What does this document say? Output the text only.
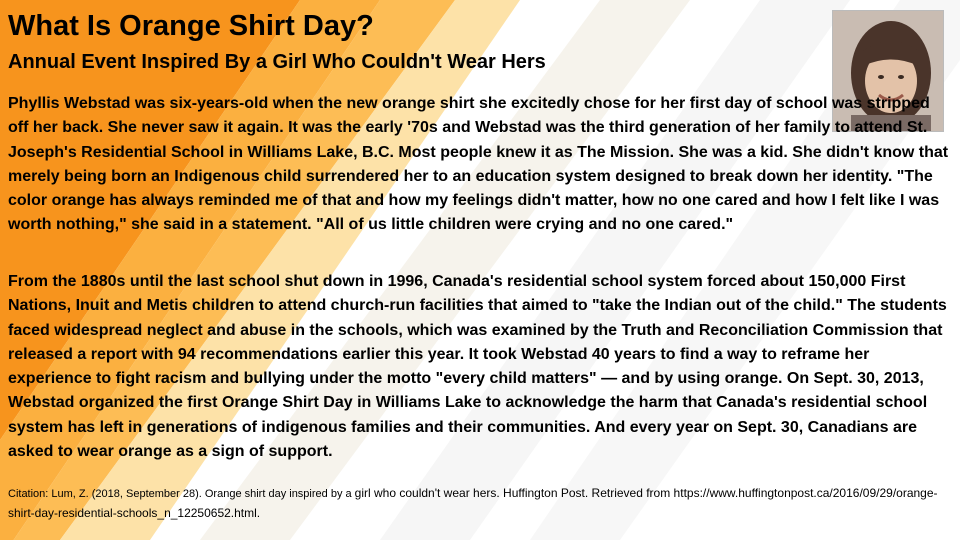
What Is Orange Shirt Day?
Annual Event Inspired By a Girl Who Couldn't Wear Hers

Phyllis Webstad was six-years-old when the new orange shirt she excitedly chose for her first day of school was stripped off her back. She never saw it again. It was the early '70s and Webstad was the third generation of her family to attend St. Joseph's Residential School in Williams Lake, B.C. Most people knew it as The Mission. She was a kid. She didn't know that merely being born an Indigenous child surrendered her to an education system designed to break down her identity. "The color orange has always reminded me of that and how my feelings didn't matter, how no one cared and how I felt like I was worth nothing," she said in a statement. "All of us little children were crying and no one cared."

From the 1880s until the last school shut down in 1996, Canada's residential school system forced about 150,000 First Nations, Inuit and Metis children to attend church-run facilities that aimed to "take the Indian out of the child." The students faced widespread neglect and abuse in the schools, which was examined by the Truth and Reconciliation Commission that released a report with 94 recommendations earlier this year. It took Webstad 40 years to find a way to reframe her experience to fight racism and bullying under the motto "every child matters" — and by using orange. On Sept. 30, 2013, Webstad organized the first Orange Shirt Day in Williams Lake to acknowledge the harm that Canada's residential school system has left in generations of indigenous families and their communities. And every year on Sept. 30, Canadians are asked to wear orange as a sign of support.

Citation: Lum, Z. (2018, September 28). Orange shirt day inspired by a girl who couldn't wear hers. Huffington Post. Retrieved from https://www.huffingtonpost.ca/2016/09/29/orange-shirt-day-residential-schools_n_12250652.html.
